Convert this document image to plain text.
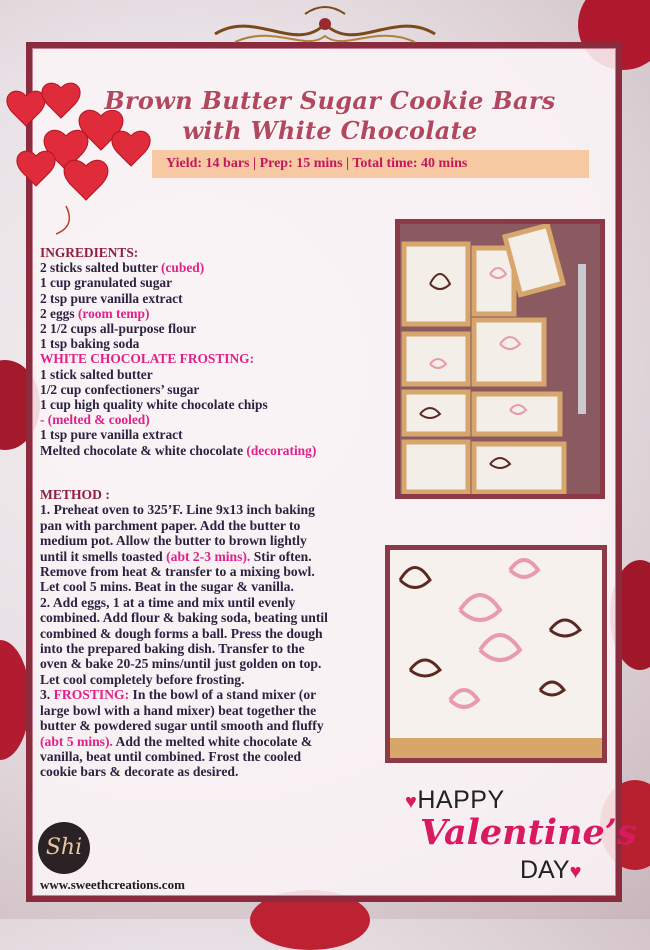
Brown Butter Sugar Cookie Bars
with White Chocolate
Yield: 14 bars | Prep: 15 mins | Total time: 40 mins
INGREDIENTS:
2 sticks salted butter (cubed)
1 cup granulated sugar
2 tsp pure vanilla extract
2 eggs (room temp)
2 1/2 cups all-purpose flour
1 tsp baking soda
WHITE CHOCOLATE FROSTING:
1 stick salted butter
1/2 cup confectioners’ sugar
1 cup high quality white chocolate chips
- (melted & cooled)
1 tsp pure vanilla extract
Melted chocolate & white chocolate (decorating)
METHOD :
1. Preheat oven to 325’F. Line 9x13 inch baking
pan with parchment paper. Add the butter to
medium pot. Allow the butter to brown lightly
until it smells toasted (abt 2-3 mins). Stir often.
Remove from heat & transfer to a mixing bowl.
Let cool 5 mins. Beat in the sugar & vanilla.
2. Add eggs, 1 at a time and mix until evenly
combined. Add flour & baking soda, beating until
combined & dough forms a ball. Press the dough
into the prepared baking dish. Transfer to the
oven & bake 20-25 mins/until just golden on top.
Let cool completely before frosting.
3. FROSTING: In the bowl of a stand mixer (or
large bowl with a hand mixer) beat together the
butter & powdered sugar until smooth and fluffy
(abt 5 mins). Add the melted white chocolate &
vanilla, beat until combined. Frost the cooled
cookie bars & decorate as desired.
Shi
www.sweethcreations.com
♥HAPPY
Valentine’s
DAY♥
